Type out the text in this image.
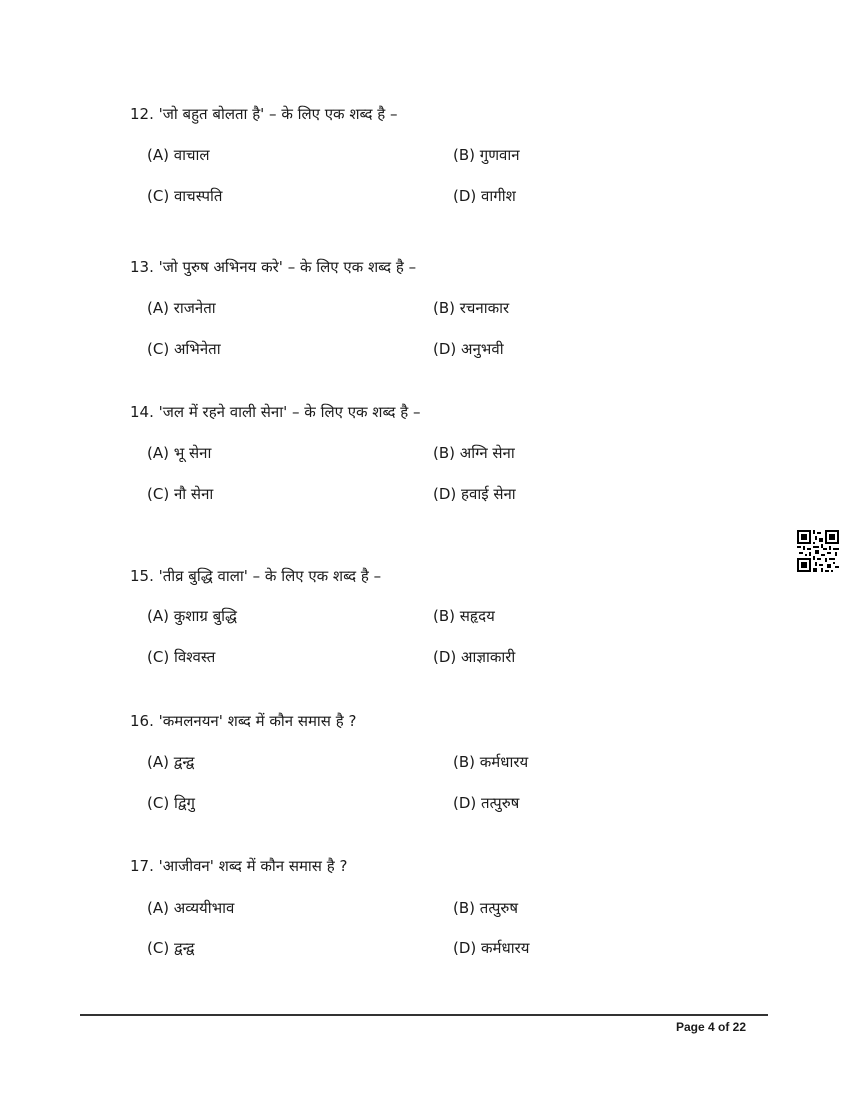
12. 'जो बहुत बोलता है' – के लिए एक शब्द है –
(A) वाचाल	(B) गुणवान
(C) वाचस्पति	(D) वागीश
13. 'जो पुरुष अभिनय करे' – के लिए एक शब्द है –
(A) राजनेता	(B) रचनाकार
(C) अभिनेता	(D) अनुभवी
14. 'जल में रहने वाली सेना' – के लिए एक शब्द है –
(A) भू सेना	(B) अग्नि सेना
(C) नौ सेना	(D) हवाई सेना
15. 'तीव्र बुद्धि वाला' – के लिए एक शब्द है –
(A) कुशाग्र बुद्धि	(B) सहृदय
(C) विश्वस्त	(D) आज्ञाकारी
16. 'कमलनयन' शब्द में कौन समास है ?
(A) द्वन्द्व	(B) कर्मधारय
(C) द्विगु	(D) तत्पुरुष
17. 'आजीवन' शब्द में कौन समास है ?
(A) अव्ययीभाव	(B) तत्पुरुष
(C) द्वन्द्व	(D) कर्मधारय
Page 4 of 22
